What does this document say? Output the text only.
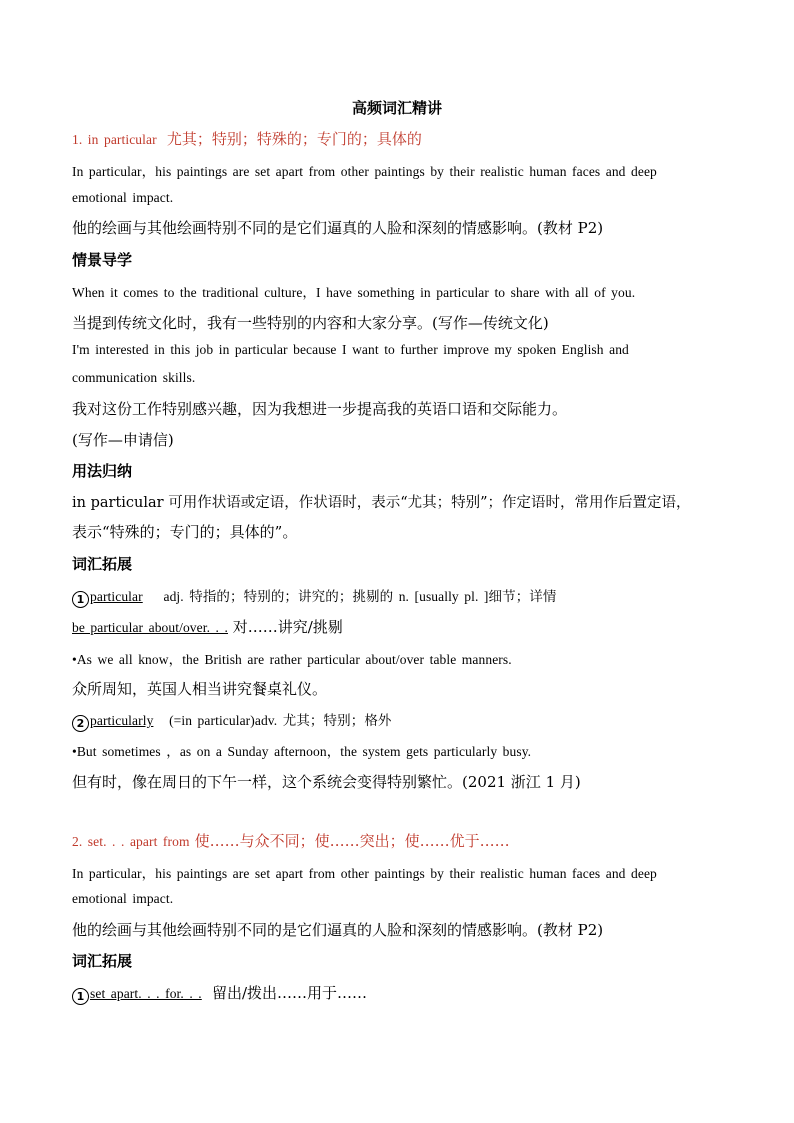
高频词汇精讲
1. in particular 尤其；特别；特殊的；专门的；具体的
In particular，his paintings are set apart from other paintings by their realistic human faces and deep
emotional impact.
他的绘画与其他绘画特别不同的是它们逼真的人脸和深刻的情感影响。(教材 P2)
情景导学
When it comes to the traditional culture，I have something in particular to share with all of you.
当提到传统文化时，我有一些特别的内容和大家分享。(写作—传统文化)
I'm interested in this job in particular because I want to further improve my spoken English and
communication skills.
我对这份工作特别感兴趣，因为我想进一步提高我的英语口语和交际能力。
(写作—申请信)
用法归纳
in particular 可用作状语或定语，作状语时，表示“尤其；特别”；作定语时，常用作后置定语，
表示“特殊的；专门的；具体的”。
词汇拓展
1 particular    adj. 特指的；特别的；讲究的；挑剔的 n. [usually pl. ]细节；详情
be particular about/over. . . 对……讲究/挑剔
•As we all know，the British are rather particular about/over table manners.
众所周知，英国人相当讲究餐桌礼仪。
2 particularly   (=in particular)adv. 尤其；特别；格外
•But sometimes ，as on a Sunday afternoon，the system gets particularly busy.
但有时，像在周日的下午一样，这个系统会变得特别繁忙。(2021 浙江 1 月)
2. set. . . apart from 使……与众不同；使……突出；使……优于……
In particular，his paintings are set apart from other paintings by their realistic human faces and deep
emotional impact.
他的绘画与其他绘画特别不同的是它们逼真的人脸和深刻的情感影响。(教材 P2)
词汇拓展
1 set apart. . . for. . . 留出/拨出……用于……
